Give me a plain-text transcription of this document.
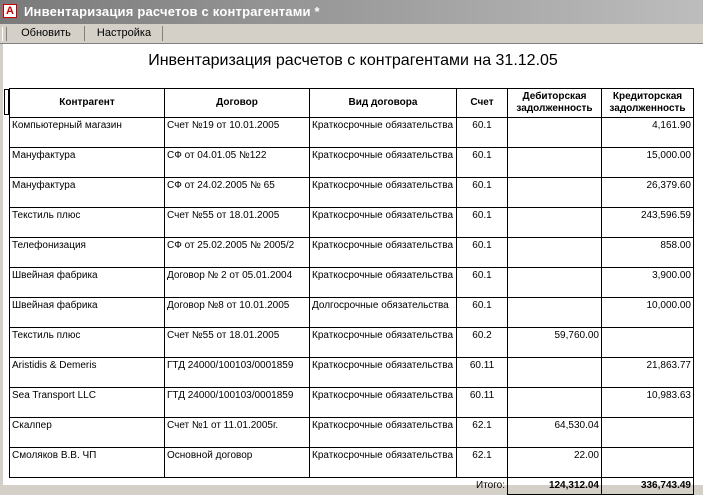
A Инвентаризация расчетов с контрагентами *
Обновить	Настройка
Инвентаризация расчетов с контрагентами на 31.12.05
Контрагент	Договор	Вид договора	Счет	Дебиторская задолженность	Кредиторская задолженность
Компьютерный магазин	Счет №19 от 10.01.2005	Краткосрочные обязательства	60.1		4,161.90
Мануфактура	СФ от 04.01.05 №122	Краткосрочные обязательства	60.1		15,000.00
Мануфактура	СФ от 24.02.2005 № 65	Краткосрочные обязательства	60.1		26,379.60
Текстиль плюс	Счет №55 от 18.01.2005	Краткосрочные обязательства	60.1		243,596.59
Телефонизация	СФ от 25.02.2005 № 2005/2	Краткосрочные обязательства	60.1		858.00
Швейная фабрика	Договор № 2 от 05.01.2004	Краткосрочные обязательства	60.1		3,900.00
Швейная фабрика	Договор №8 от 10.01.2005	Долгосрочные обязательства	60.1		10,000.00
Текстиль плюс	Счет №55 от 18.01.2005	Краткосрочные обязательства	60.2	59,760.00	
Aristidis & Demeris	ГТД 24000/100103/0001859	Краткосрочные обязательства	60.11		21,863.77
Sea Transport LLC	ГТД 24000/100103/0001859	Краткосрочные обязательства	60.11		10,983.63
Скалпер	Счет №1 от 11.01.2005г.	Краткосрочные обязательства	62.1	64,530.04	
Смоляков В.В. ЧП	Основной договор	Краткосрочные обязательства	62.1	22.00	
			Итого:	124,312.04	336,743.49
